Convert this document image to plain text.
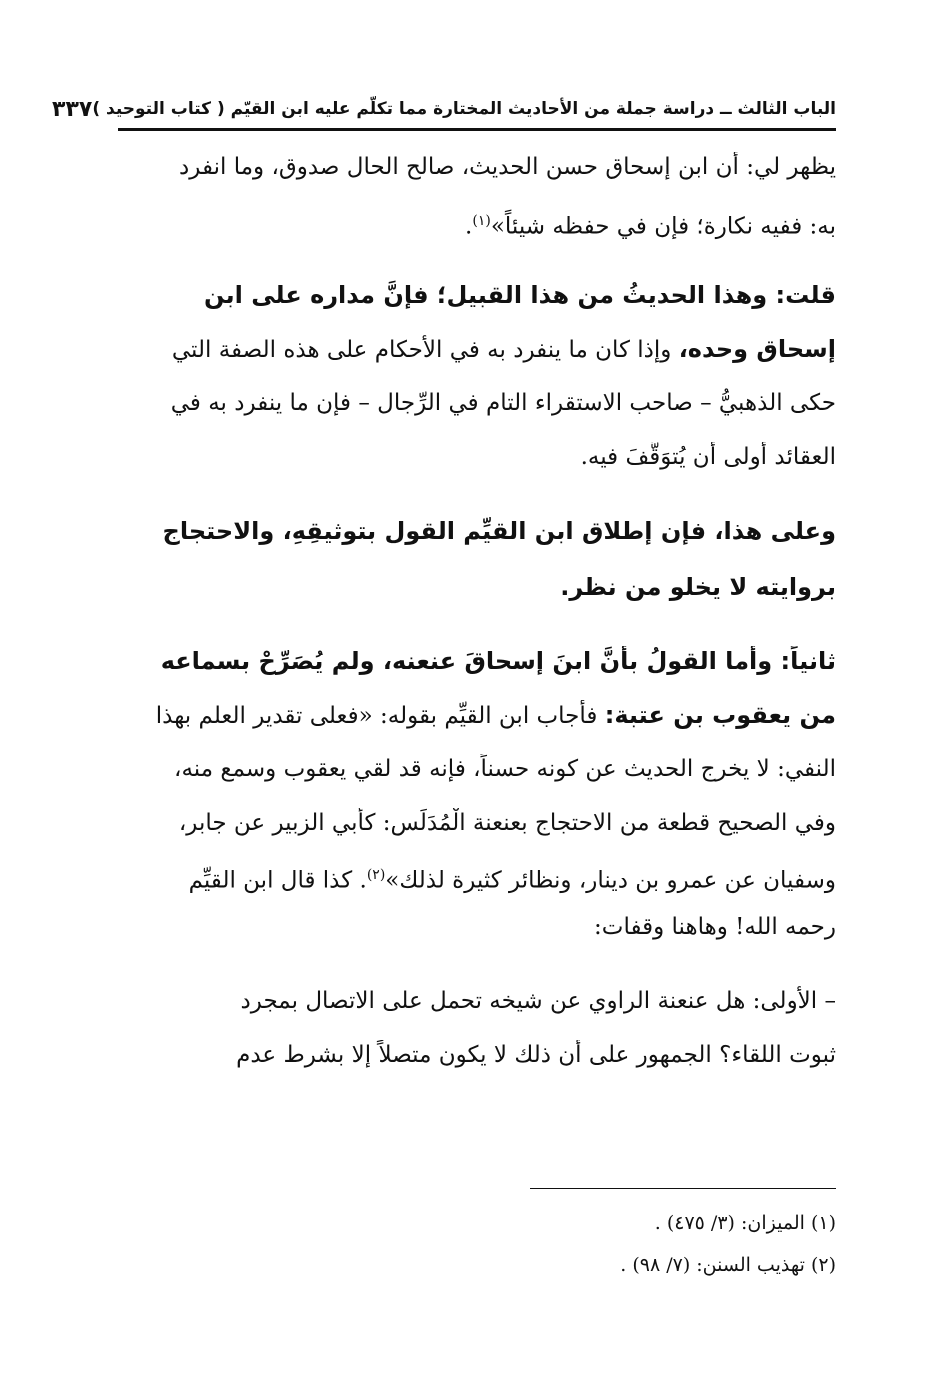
الباب الثالث ــ دراسة جملة من الأحاديث المختارة مما تكلّم عليه ابن القيّم ( كتاب التوحيد )
٣٣٧
يظهر لي: أن ابن إسحاق حسن الحديث، صالح الحال صدوق، وما انفرد
به: ففيه نكارة؛ فإن في حفظه شيئاً»$^{(١)}$.
قلت: وهذا الحديثُ من هذا القبيل؛ فإنَّ مداره على ابن
إسحاق وحده، وإذا كان ما ينفرد به في الأحكام على هذه الصفة التي
حكى الذهبيُّ – صاحب الاستقراء التام في الرِّجال – فإن ما ينفرد به في
العقائد أولى أن يُتوَقَّفَ فيه.
وعلى هذا، فإن إطلاق ابنِ القيِّم القول بتوثيقِهِ، والاحتجاج
بروايته لا يخلو من نظر.
ثانياً: وأما القولُ بأنَّ ابنَ إسحاقَ عنعنه، ولم يُصَرِّحْ بسماعه
من يعقوب بن عتبة: فأجاب ابن القيِّم بقوله: «فعلى تقدير العلم بهذا
النفي: لا يخرج الحديث عن كونه حسناً، فإنه قد لقي يعقوب وسمع منه،
وفي الصحيح قطعة من الاحتجاج بعنعنة الْمُدَلِّس: كأبي الزبير عن جابر،
وسفيان عن عمرو بن دينار، ونظائر كثيرة لذلك»$^{(٢)}$. كذا قال ابن القيِّم
رحمه الله! وهاهنا وقفات:
– الأولى: هل عنعنة الراوي عن شيخه تحمل على الاتصال بمجرد
ثبوت اللقاء؟ الجمهور على أن ذلك لا يكون متصلاً إلا بشرط عدم
(١) الميزان: (٣/ ٤٧٥) .
(٢) تهذيب السنن: (٧/ ٩٨) .
